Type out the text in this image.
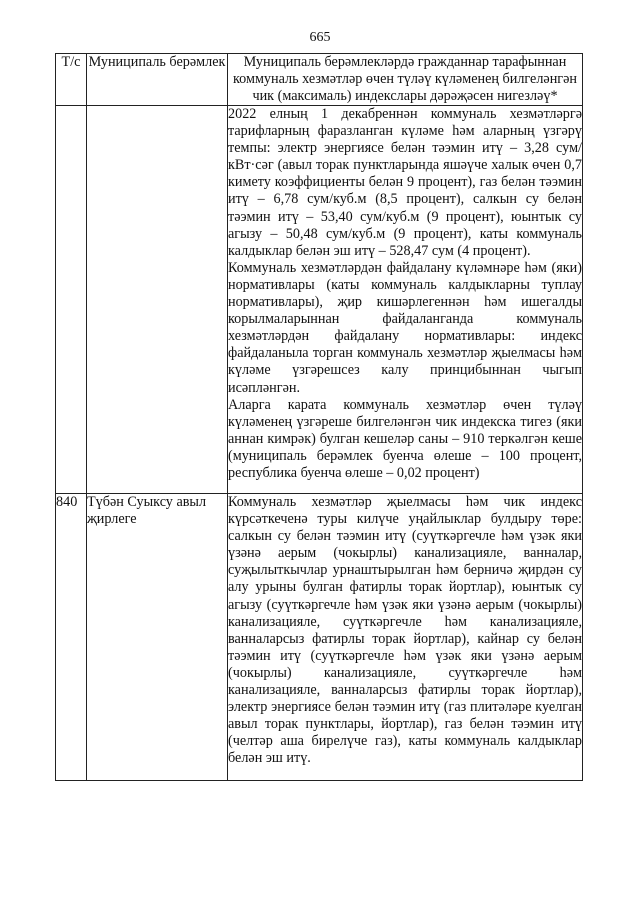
665
Т/с	Муниципаль берәмлек	Муниципаль берәмлекләрдә гражданнар тарафыннан коммуналь хезмәтләр өчен түләү күләменең билгеләнгән чик (максималь) индекслары дәрәҗәсен нигезләү*

		2022 елның 1 декабреннән коммуналь хезмәтләргә тарифларның фаразланган күләме һәм аларның үзгәрү темпы: электр энергиясе белән тәэмин итү – 3,28 сум/кВт·сәг (авыл торак пунктларында яшәүче халык өчен 0,7 кимету коэффициенты белән 9 процент), газ белән тәэмин итү – 6,78 сум/куб.м (8,5 процент), салкын су белән тәэмин итү – 53,40 сум/куб.м (9 процент), юынтык су агызу – 50,48 сум/куб.м (9 процент), каты коммуналь калдыклар белән эш итү – 528,47 сум (4 процент).

Коммуналь хезмәтләрдән файдалану күләмнәре һәм (яки) нормативлары (каты коммуналь калдыкларны туплау нормативлары), җир кишәрлегеннән һәм ишегалды корылмаларыннан файдаланганда коммуналь хезмәтләрдән файдалану нормативлары: индекс файдаланыла торган коммуналь хезмәтләр җыелмасы һәм күләме үзгәрешсез калу принцибыннан чыгып исәпләнгән.

Аларга карата коммуналь хезмәтләр өчен түләү күләменең үзгәреше билгеләнгән чик индекска тигез (яки аннан кимрәк) булган кешеләр саны – 910 теркәлгән кеше (муниципаль берәмлек буенча өлеше – 100 процент, республика буенча өлеше – 0,02 процент)

840	Түбән Суыксу авыл җирлеге	Коммуналь хезмәтләр җыелмасы һәм чик индекс күрсәткеченә туры килүче уңайлыклар булдыру төре: салкын су белән тәэмин итү (суүткәргечле һәм үзәк яки үзәнә аерым (чокырлы) канализацияле, ванналар, суҗылыткычлар урнаштырылган һәм берничә җирдән су алу урыны булган фатирлы торак йортлар), юынтык су агызу (суүткәргечле һәм үзәк яки үзәнә аерым (чокырлы) канализацияле, суүткәргечле һәм канализацияле, ванналарсыз фатирлы торак йортлар), кайнар су белән тәэмин итү (суүткәргечле һәм үзәк яки үзәнә аерым (чокырлы) канализацияле, суүткәргечле һәм канализацияле, ванналарсыз фатирлы торак йортлар), электр энергиясе белән тәэмин итү (газ плитәләре куелган авыл торак пунктлары, йортлар), газ белән тәэмин итү (челтәр аша бирелүче газ), каты коммуналь калдыклар белән эш итү.
